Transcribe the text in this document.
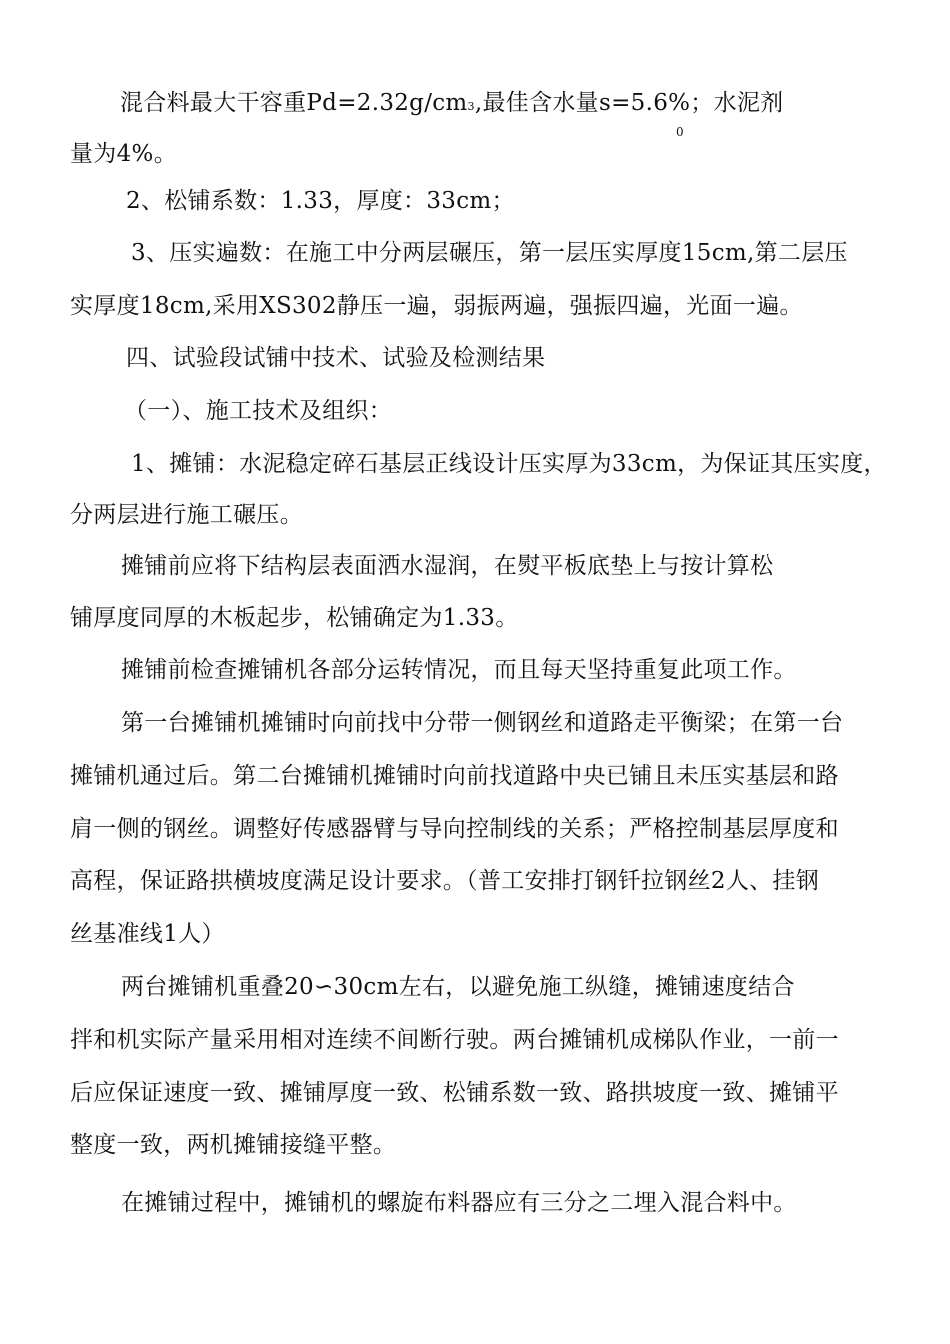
混合料最大干容重Pd=2.32g/cm3,最佳含水量s=5.6%；水泥剂
0
量为4%。
2、松铺系数：1.33，厚度：33cm；
3、压实遍数：在施工中分两层碾压，第一层压实厚度15cm,第二层压
实厚度18cm,采用XS302静压一遍，弱振两遍，强振四遍，光面一遍。
四、试验段试铺中技术、试验及检测结果
（一）、施工技术及组织：
1、摊铺：水泥稳定碎石基层正线设计压实厚为33cm，为保证其压实度，
分两层进行施工碾压。
摊铺前应将下结构层表面洒水湿润，在熨平板底垫上与按计算松
铺厚度同厚的木板起步，松铺确定为1.33。
摊铺前检查摊铺机各部分运转情况，而且每天坚持重复此项工作。
第一台摊铺机摊铺时向前找中分带一侧钢丝和道路走平衡梁；在第一台
摊铺机通过后。第二台摊铺机摊铺时向前找道路中央已铺且未压实基层和路
肩一侧的钢丝。调整好传感器臂与导向控制线的关系；严格控制基层厚度和
高程，保证路拱横坡度满足设计要求。（普工安排打钢钎拉钢丝2人、挂钢
丝基准线1人）
两台摊铺机重叠20∽30cm左右，以避免施工纵缝，摊铺速度结合
拌和机实际产量采用相对连续不间断行驶。两台摊铺机成梯队作业，一前一
后应保证速度一致、摊铺厚度一致、松铺系数一致、路拱坡度一致、摊铺平
整度一致，两机摊铺接缝平整。
在摊铺过程中，摊铺机的螺旋布料器应有三分之二埋入混合料中。
